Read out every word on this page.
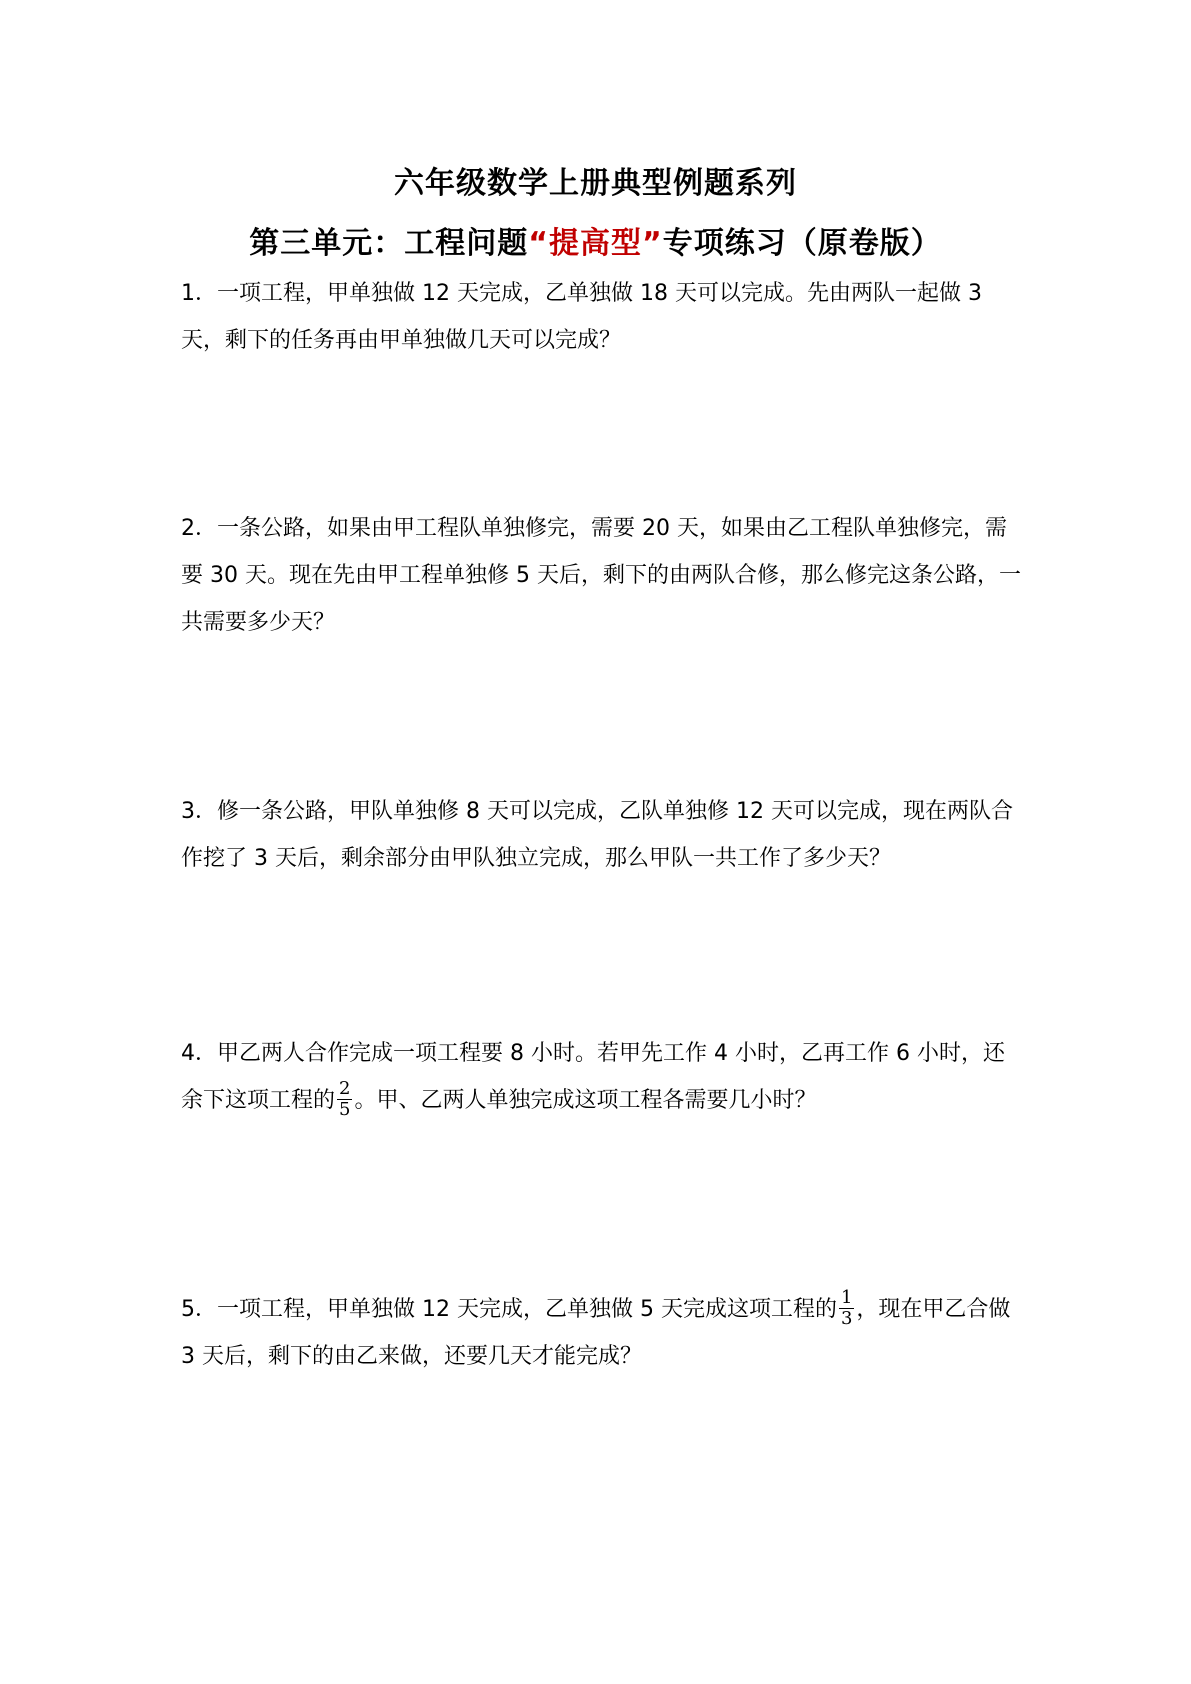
六年级数学上册典型例题系列
第三单元：工程问题“提高型”专项练习（原卷版）

1．一项工程，甲单独做 12 天完成，乙单独做 18 天可以完成。先由两队一起做 3 天，剩下的任务再由甲单独做几天可以完成？

2．一条公路，如果由甲工程队单独修完，需要 20 天，如果由乙工程队单独修完，需要 30 天。现在先由甲工程单独修 5 天后，剩下的由两队合修，那么修完这条公路，一共需要多少天？

3．修一条公路，甲队单独修 8 天可以完成，乙队单独修 12 天可以完成，现在两队合作挖了 3 天后，剩余部分由甲队独立完成，那么甲队一共工作了多少天？

4．甲乙两人合作完成一项工程要 8 小时。若甲先工作 4 小时，乙再工作 6 小时，还余下这项工程的 $\frac{2}{5}$ 。甲、乙两人单独完成这项工程各需要几小时？

5．一项工程，甲单独做 12 天完成，乙单独做 5 天完成这项工程的 $\frac{1}{3}$ ，现在甲乙合做 3 天后，剩下的由乙来做，还要几天才能完成？
